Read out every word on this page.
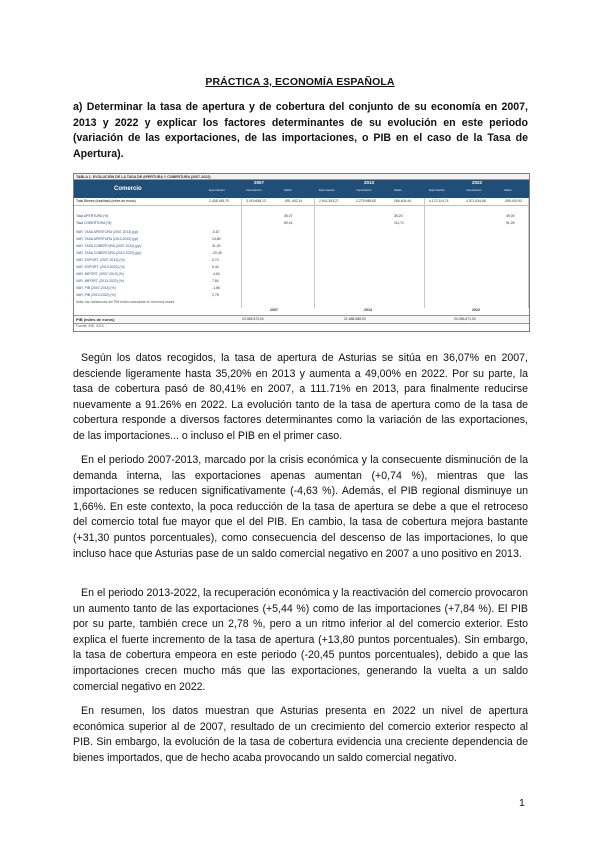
PRÁCTICA 3, ECONOMÍA ESPAÑOLA
a) Determinar la tasa de apertura y de cobertura del conjunto de su economía en 2007, 2013 y 2022 y explicar los factores determinantes de su evolución en este periodo (variación de las exportaciones, de las importaciones, o PIB en el caso de la Tasa de Apertura).
TABLA 1. EVOLUCIÓN DE LA TASA DE APERTURA Y COBERTURA (2007-2022)
Comercio
2007	2013	2022
Exportación	Importación	Saldo	Exportación	Importación	Saldo	Exportación	Importación	Saldo
Total Bienes (totalidad) (miles de euros)	2.428.165,79	3.019.658,13	-591.492,34	2.542.393,27	2.275.988,83	266.404,44	4.172.114,74	4.571.534,66	-399.419,92
Tasa APERTURA (%)	36,07	35,20	49,00
Tasa COBERTURA (%)	80,41	111,71	91,26
VAR. TASA APERTURA (2007-2013) (pp)	-0,87
VAR. TASA APERTURA (2013-2022) (pp)	13,80
VAR. TASA COBERTURA (2007-2013) (pp)	31,30
VAR. TASA COBERTURA (2013-2022) (pp)	-20,45
VAR. EXPORT. (2007-2013) (%)	0,74
VAR. EXPORT. (2013-2022) (%)	5,44
VAR. IMPORT. (2007-2013) (%)	-4,63
VAR. IMPORT. (2013-2022) (%)	7,84
VAR. PIB (2007-2013) (%)	-1,66
VAR. PIB (2013-2022) (%)	2,78
Nota: las variaciones del PIB están calculadas en términos reales
2007	2013	2022
PIB (miles de euros)	23.083.573,00	21.688.588,00	24.056.671,00
Fuente: INE, ICEX

Según los datos recogidos, la tasa de apertura de Asturias se sitúa en 36,07% en 2007, desciende ligeramente hasta 35,20% en 2013 y aumenta a 49,00% en 2022. Por su parte, la tasa de cobertura pasó de 80,41% en 2007, a 111.71% en 2013, para finalmente reducirse nuevamente a 91.26% en 2022. La evolución tanto de la tasa de apertura como de la tasa de cobertura responde a diversos factores determinantes como la variación de las exportaciones, de las importaciones... o incluso el PIB en el primer caso.

En el periodo 2007-2013, marcado por la crisis económica y la consecuente disminución de la demanda interna, las exportaciones apenas aumentan (+0,74 %), mientras que las importaciones se reducen significativamente (-4,63 %). Además, el PIB regional disminuye un 1,66%. En este contexto, la poca reducción de la tasa de apertura se debe a que el retroceso del comercio total fue mayor que el del PIB. En cambio, la tasa de cobertura mejora bastante (+31,30 puntos porcentuales), como consecuencia del descenso de las importaciones, lo que incluso hace que Asturias pase de un saldo comercial negativo en 2007 a uno positivo en 2013.

En el periodo 2013-2022, la recuperación económica y la reactivación del comercio provocaron un aumento tanto de las exportaciones (+5,44 %) como de las importaciones (+7,84 %). El PIB por su parte, también crece un 2,78 %, pero a un ritmo inferior al del comercio exterior. Esto explica el fuerte incremento de la tasa de apertura (+13,80 puntos porcentuales). Sin embargo, la tasa de cobertura empeora en este periodo (-20,45 puntos porcentuales), debido a que las importaciones crecen mucho más que las exportaciones, generando la vuelta a un saldo comercial negativo en 2022.

En resumen, los datos muestran que Asturias presenta en 2022 un nivel de apertura económica superior al de 2007, resultado de un crecimiento del comercio exterior respecto al PIB. Sin embargo, la evolución de la tasa de cobertura evidencia una creciente dependencia de bienes importados, que de hecho acaba provocando un saldo comercial negativo.

1
